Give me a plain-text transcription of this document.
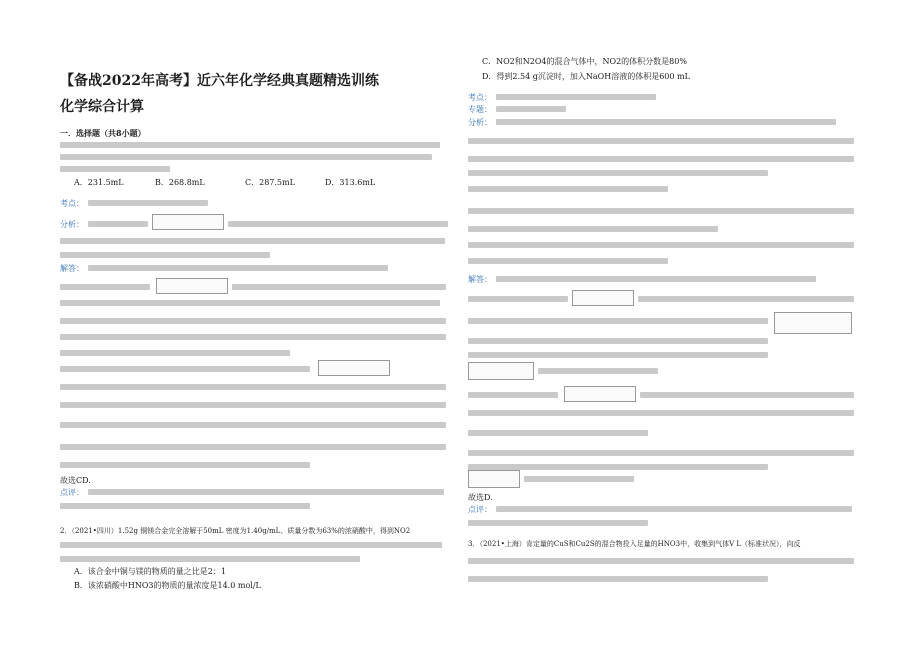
【备战2022年高考】近六年化学经典真题精选训练
化学综合计算
一．选择题（共8小题）
A．231.5mL	B．268.8mL	C．287.5mL	D．313.6mL
考点：
分析：
解答：
故选CD.
点评：
2．（2021•四川）1.52g 铜镁合金完全溶解于50mL 密度为1.40g/mL、质量分数为63%的浓硝酸中，得到NO2
A．该合金中铜与镁的物质的量之比是2：1
B．该浓硝酸中HNO3的物质的量浓度是14.0 mol/L
C．NO2和N2O4的混合气体中，NO2的体积分数是80%
D．得到2.54 g沉淀时，加入NaOH溶液的体积是600 mL
考点：
专题：
分析：
解答：
故选D.
点评：
3．（2021•上海）肯定量的CuS和Cu2S的混合物投入足量的HNO3中，收集到气体V L（标准状况），向反
